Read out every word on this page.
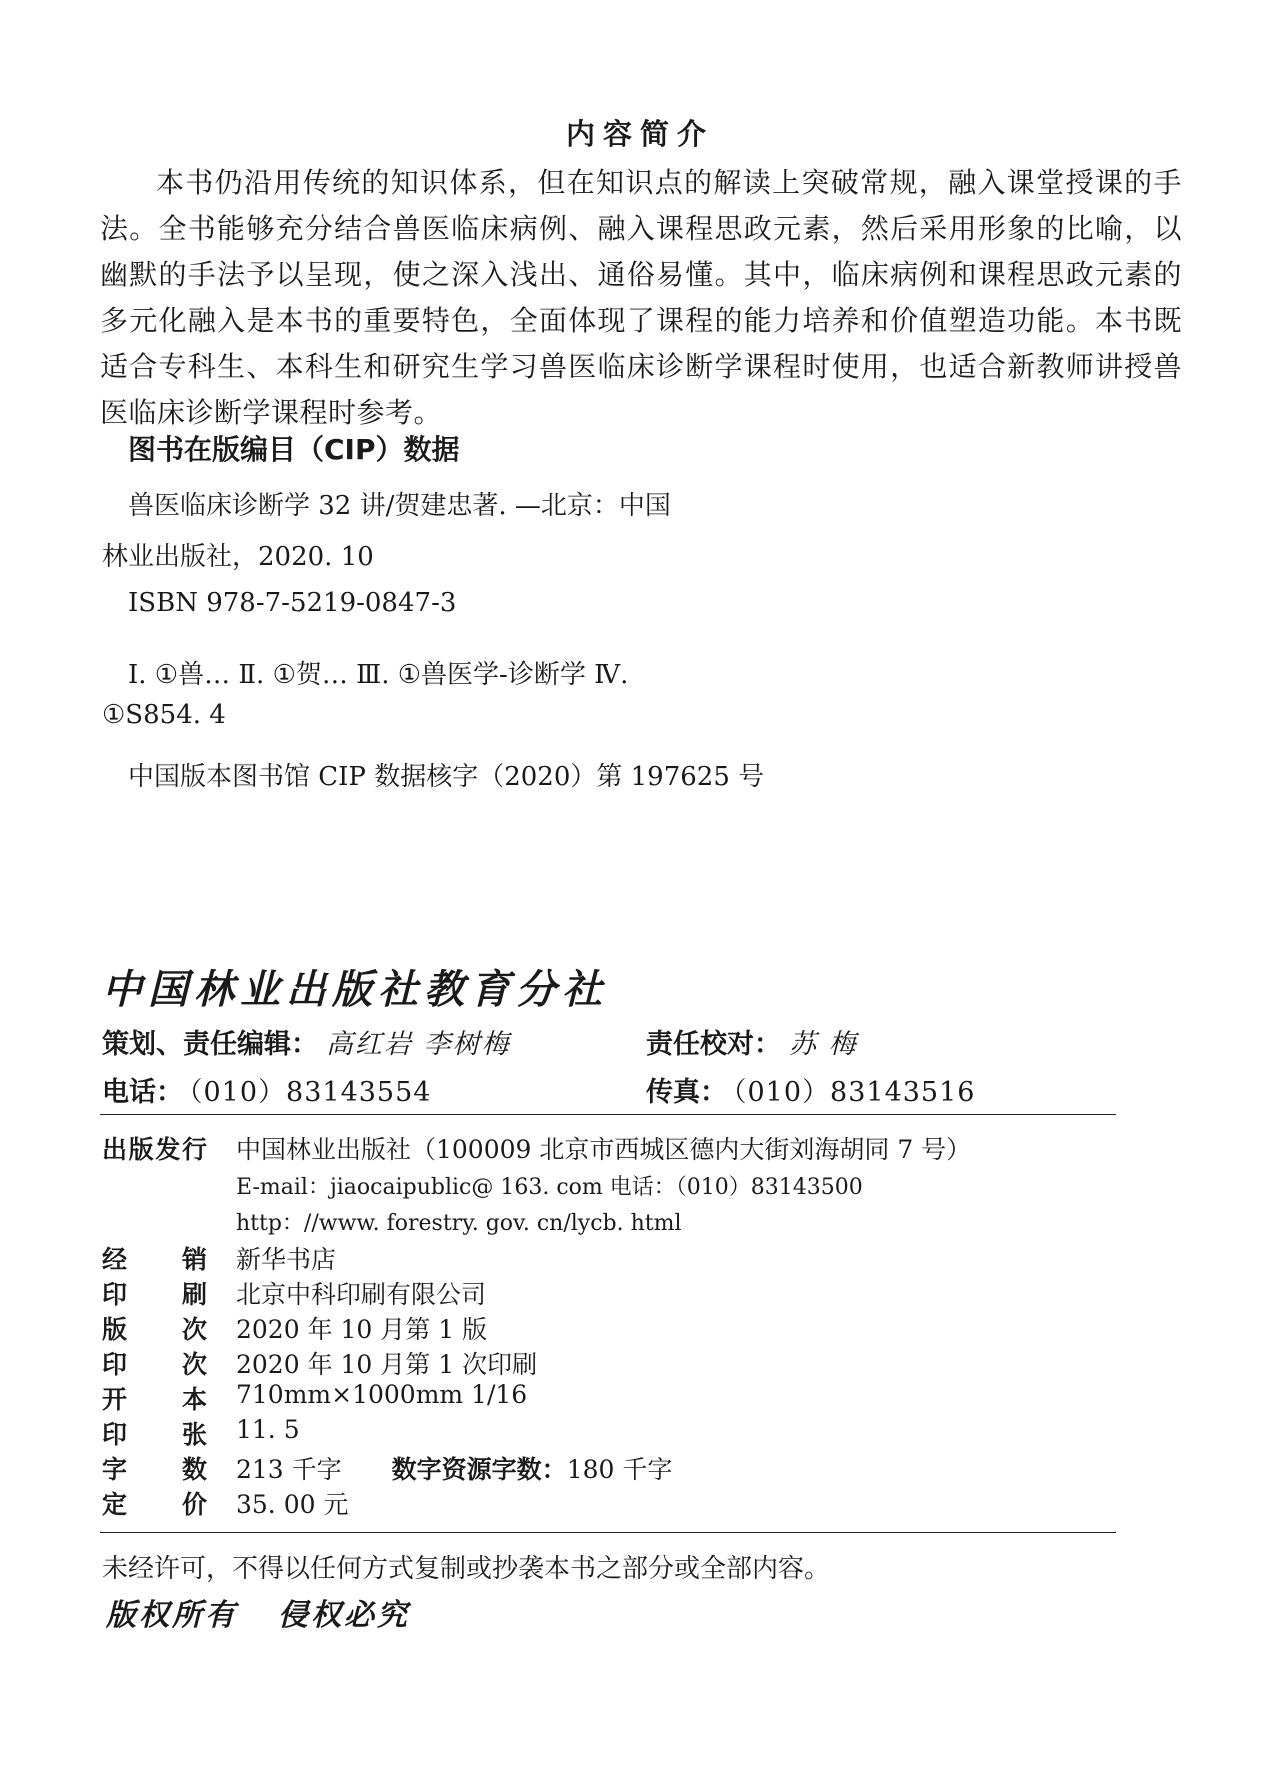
内容简介
本书仍沿用传统的知识体系，但在知识点的解读上突破常规，融入课堂授课的手法。全书能够充分结合兽医临床病例、融入课程思政元素，然后采用形象的比喻，以幽默的手法予以呈现，使之深入浅出、通俗易懂。其中，临床病例和课程思政元素的多元化融入是本书的重要特色，全面体现了课程的能力培养和价值塑造功能。本书既适合专科生、本科生和研究生学习兽医临床诊断学课程时使用，也适合新教师讲授兽医临床诊断学课程时参考。
图书在版编目（CIP）数据
兽医临床诊断学 32 讲/贺建忠著. —北京：中国
林业出版社，2020. 10
ISBN 978-7-5219-0847-3
Ⅰ. ①兽… Ⅱ. ①贺… Ⅲ. ①兽医学-诊断学 Ⅳ.
①S854. 4
中国版本图书馆 CIP 数据核字（2020）第 197625 号
中国林业出版社教育分社
策划、责任编辑： 高红岩 李树梅	责任校对： 苏 梅
电话： （010）83143554	传真： （010）83143516
出 版 发 行 中国林业出版社（100009 北京市西城区德内大街刘海胡同 7 号）
E-mail：jiaocaipublic@ 163. com 电话：（010）83143500
http：//www. forestry. gov. cn/lycb. html
经 销 新华书店
印 刷 北京中科印刷有限公司
版 次 2020 年 10 月第 1 版
印 次 2020 年 10 月第 1 次印刷
开 本 710mm×1000mm 1/16
印 张 11. 5
字 数 213 千字 数字资源字数：180 千字
定 价 35. 00 元
未经许可，不得以任何方式复制或抄袭本书之部分或全部内容。
版权所有 侵权必究
